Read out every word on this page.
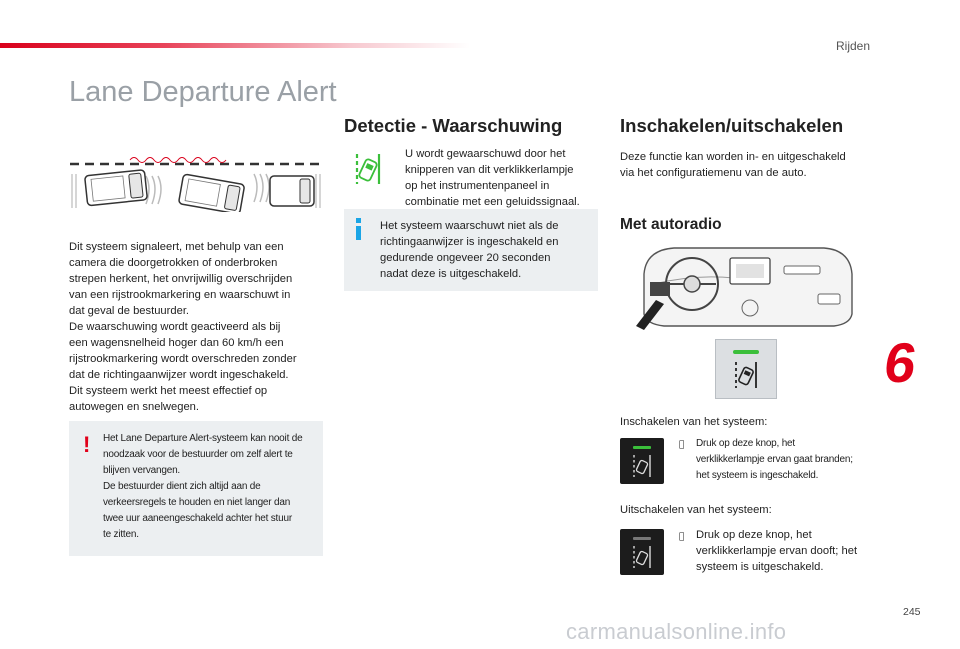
Rijden
Lane Departure Alert
Dit systeem signaleert, met behulp van een
camera die doorgetrokken of onderbroken
strepen herkent, het onvrijwillig overschrijden
van een rijstrookmarkering en waarschuwt in
dat geval de bestuurder.
De waarschuwing wordt geactiveerd als bij
een wagensnelheid hoger dan 60 km/h een
rijstrookmarkering wordt overschreden zonder
dat de richtingaanwijzer wordt ingeschakeld.
Dit systeem werkt het meest effectief op
autowegen en snelwegen.
! Het Lane Departure Alert-systeem kan nooit de
noodzaak voor de bestuurder om zelf alert te
blijven vervangen.
De bestuurder dient zich altijd aan de
verkeersregels te houden en niet langer dan
twee uur aaneengeschakeld achter het stuur
te zitten.
Detectie - Waarschuwing
U wordt gewaarschuwd door het
knipperen van dit verklikkerlampje
op het instrumentenpaneel in
combinatie met een geluidssignaal.
Het systeem waarschuwt niet als de
richtingaanwijzer is ingeschakeld en
gedurende ongeveer 20 seconden
nadat deze is uitgeschakeld.
Inschakelen/uitschakelen
Deze functie kan worden in- en uitgeschakeld
via het configuratiemenu van de auto.
Met autoradio
6
Inschakelen van het systeem:
Druk op deze knop, het
verklikkerlampje ervan gaat branden;
het systeem is ingeschakeld.
Uitschakelen van het systeem:
Druk op deze knop, het
verklikkerlampje ervan dooft; het
systeem is uitgeschakeld.
245
carmanualsonline.info
